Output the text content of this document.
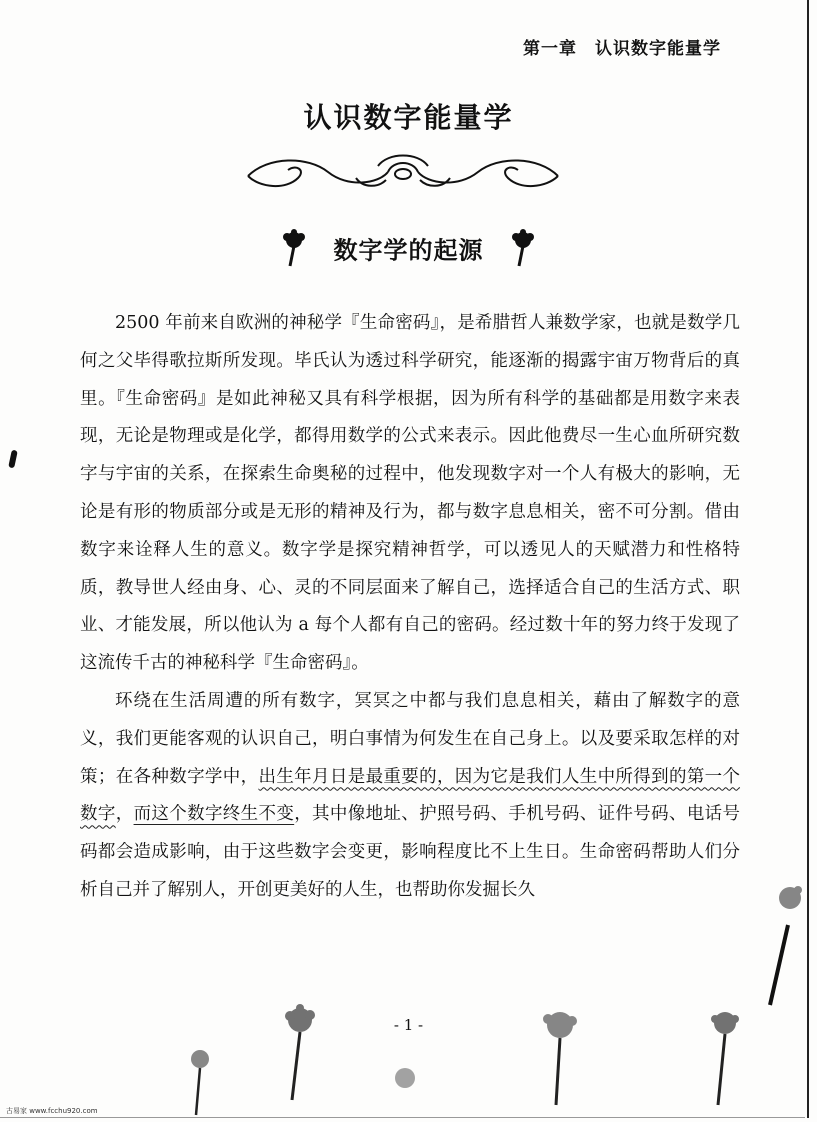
第一章 认识数字能量学
认识数字能量学
数字学的起源

2500 年前来自欧洲的神秘学『生命密码』，是希腊哲人兼数学家，也就是数学几何之父毕得歌拉斯所发现。毕氏认为透过科学研究，能逐渐的揭露宇宙万物背后的真里。『生命密码』是如此神秘又具有科学根据，因为所有科学的基础都是用数字来表现，无论是物理或是化学，都得用数学的公式来表示。因此他费尽一生心血所研究数字与宇宙的关系，在探索生命奥秘的过程中，他发现数字对一个人有极大的影响，无论是有形的物质部分或是无形的精神及行为，都与数字息息相关，密不可分割。借由数字来诠释人生的意义。数字学是探究精神哲学，可以透见人的天赋潜力和性格特质，教导世人经由身、心、灵的不同层面来了解自己，选择适合自己的生活方式、职业、才能发展，所以他认为 a 每个人都有自己的密码。经过数十年的努力终于发现了这流传千古的神秘科学『生命密码』。

环绕在生活周遭的所有数字，冥冥之中都与我们息息相关，藉由了解数字的意义，我们更能客观的认识自己，明白事情为何发生在自己身上。以及要采取怎样的对策；在各种数字学中，出生年月日是最重要的，因为它是我们人生中所得到的第一个数字，而这个数字终生不变，其中像地址、护照号码、手机号码、证件号码、电话号码都会造成影响，由于这些数字会变更，影响程度比不上生日。生命密码帮助人们分析自己并了解别人，开创更美好的人生，也帮助你发掘长久

- 1 -
古易家 www.fcchu920.com
